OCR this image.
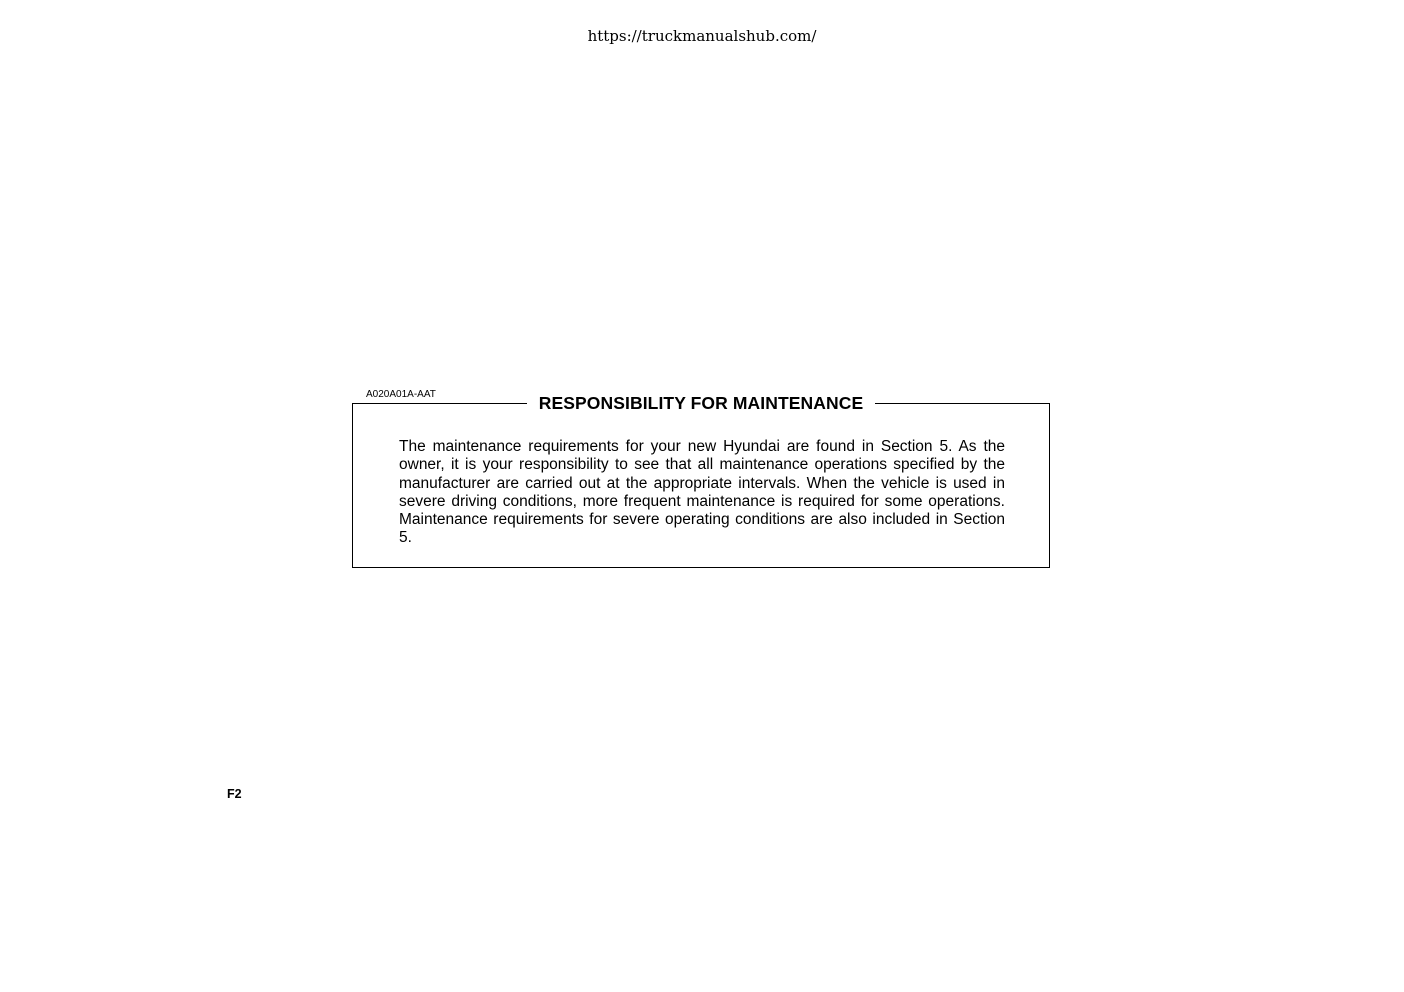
https://truckmanualshub.com/
A020A01A-AAT	RESPONSIBILITY FOR MAINTENANCE

The maintenance requirements for your new Hyundai are found in Section 5. As the owner, it is your responsibility to see that all maintenance operations specified by the manufacturer are carried out at the appropriate intervals. When the vehicle is used in severe driving conditions, more frequent maintenance is required for some operations. Maintenance requirements for severe operating conditions are also included in Section 5.

F2
